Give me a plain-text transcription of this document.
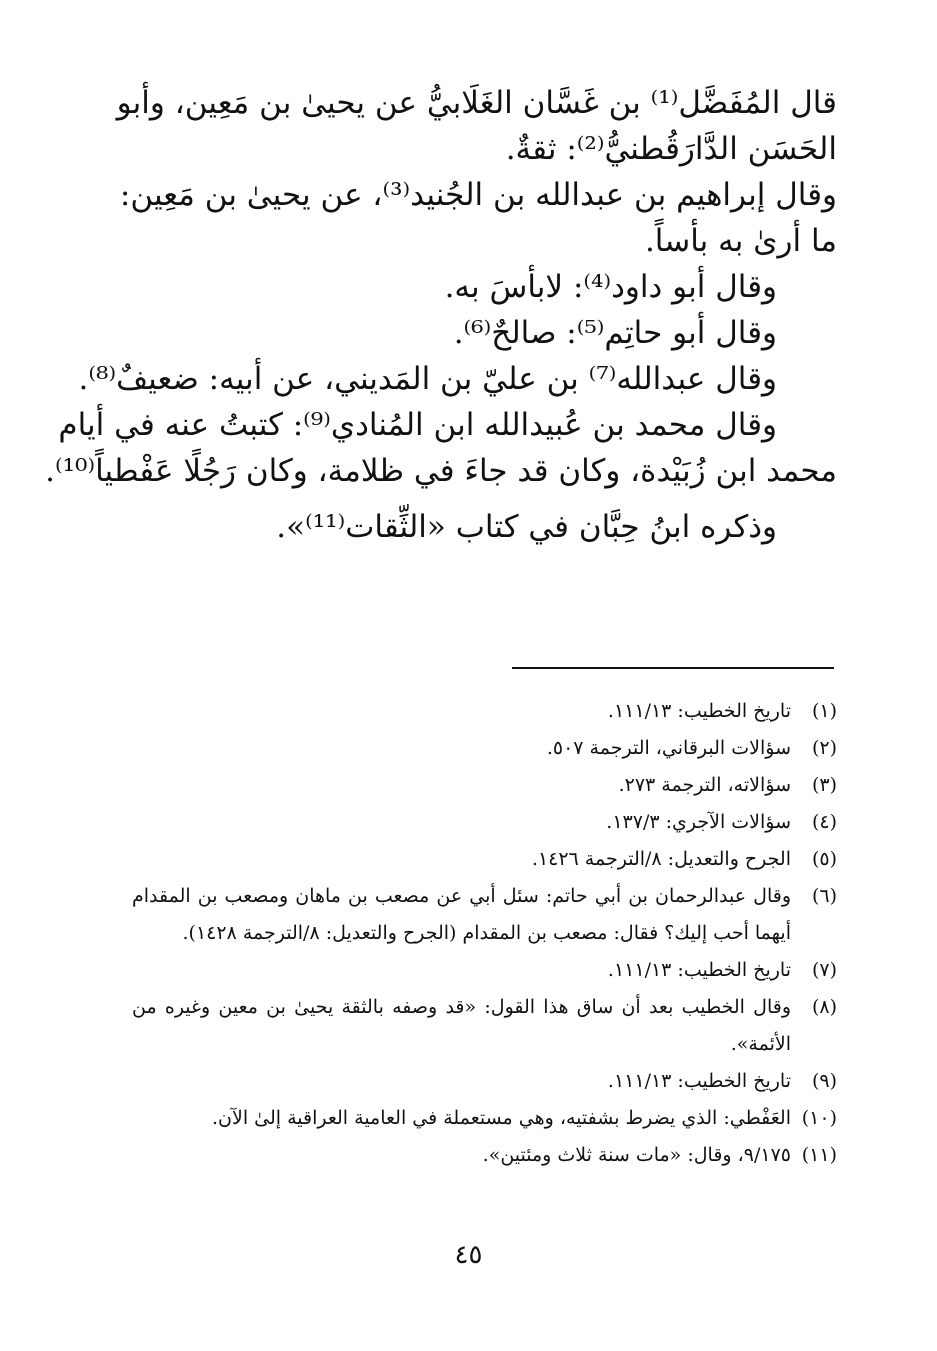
قال المُفَضَّل⁽¹⁾ بن غَسَّان الغَلَابيُّ عن يحيىٰ بن مَعِين، وأبو
الحَسَن الدَّارَقُطنيُّ⁽²⁾: ثقةٌ.
وقال إبراهيم بن عبدالله بن الجُنيد⁽³⁾، عن يحيىٰ بن مَعِين:
ما أرىٰ به بأساً.
وقال أبو داود⁽⁴⁾: لابأسَ به.
وقال أبو حاتِم⁽⁵⁾: صالحٌ⁽⁶⁾.
وقال عبدالله⁽⁷⁾ بن عليّ بن المَديني، عن أبيه: ضعيفٌ⁽⁸⁾.
وقال محمد بن عُبيدالله ابن المُنادي⁽⁹⁾: كتبتُ عنه في أيام
محمد ابن زُبَيْدة، وكان قد جاءَ في ظلامة، وكان رَجُلًا عَفْطياً⁽¹⁰⁾.
وذكره ابنُ حِبَّان في كتاب «الثِّقات⁽¹¹⁾».
(١)
تاريخ الخطيب: ١١١/١٣.
(٢)
سؤالات البرقاني، الترجمة ٥٠٧.
(٣)
سؤالاته، الترجمة ٢٧٣.
(٤)
سؤالات الآجري: ١٣٧/٣.
(٥)
الجرح والتعديل: ٨/الترجمة ١٤٢٦.
(٦)
وقال عبدالرحمان بن أبي حاتم: سئل أبي عن مصعب بن ماهان ومصعب بن المقدام أيهما أحب إليك؟ فقال: مصعب بن المقدام (الجرح والتعديل: ٨/الترجمة ١٤٢٨).
(٧)
تاريخ الخطيب: ١١١/١٣.
(٨)
وقال الخطيب بعد أن ساق هذا القول: «قد وصفه بالثقة يحيىٰ بن معين وغيره من الأئمة».
(٩)
تاريخ الخطيب: ١١١/١٣.
(١٠)
العَفْطي: الذي يضرط بشفتيه، وهي مستعملة في العامية العراقية إلىٰ الآن.
(١١)
٩/١٧٥، وقال: «مات سنة ثلاث ومئتين».
٤٥
